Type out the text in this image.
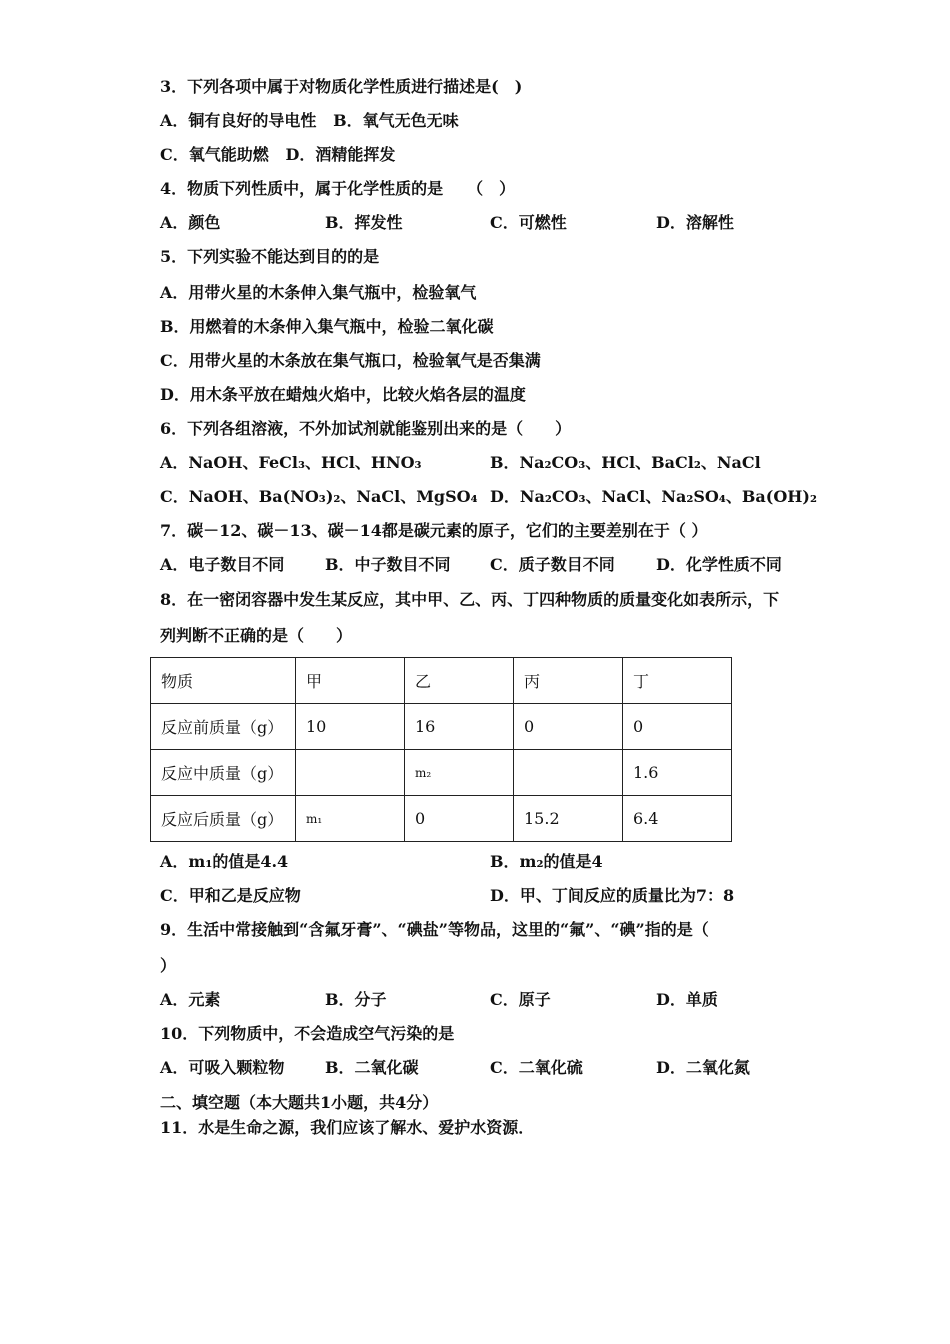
3．下列各项中属于对物质化学性质进行描述是(　)
A．铜有良好的导电性 B．氧气无色无味
C．氧气能助燃 D．酒精能挥发
4．物质下列性质中，属于化学性质的是　　（　）
A．颜色	B．挥发性	C．可燃性	D．溶解性
5．下列实验不能达到目的的是
A．用带火星的木条伸入集气瓶中，检验氧气
B．用燃着的木条伸入集气瓶中，检验二氧化碳
C．用带火星的木条放在集气瓶口，检验氧气是否集满
D．用木条平放在蜡烛火焰中，比较火焰各层的温度
6．下列各组溶液，不外加试剂就能鉴别出来的是（　　）
A．NaOH、FeCl₃、HCl、HNO₃	B．Na₂CO₃、HCl、BaCl₂、NaCl
C．NaOH、Ba(NO₃)₂、NaCl、MgSO₄ D．Na₂CO₃、NaCl、Na₂SO₄、Ba(OH)₂
7．碳－12、碳－13、碳－14都是碳元素的原子，它们的主要差别在于（ ）
A．电子数目不同	B．中子数目不同 C．质子数目不同	D．化学性质不同
8．在一密闭容器中发生某反应，其中甲、乙、丙、丁四种物质的质量变化如表所示，下
列判断不正确的是（　　）
物质	甲	乙	丙	丁
反应前质量（g）	10	16	0	0
反应中质量（g）		m₂		1.6
反应后质量（g）	m₁	0	15.2	6.4
A．m₁的值是4.4	B．m₂的值是4
C．甲和乙是反应物	D．甲、丁间反应的质量比为7：8
9．生活中常接触到“含氟牙膏”、“碘盐”等物品，这里的“氟”、“碘”指的是（
）
A．元素	B．分子	C．原子	D．单质
10．下列物质中，不会造成空气污染的是
A．可吸入颗粒物	B．二氧化碳	C．二氧化硫	D．二氧化氮
二、填空题（本大题共1小题，共4分）
11．水是生命之源，我们应该了解水、爱护水资源．
